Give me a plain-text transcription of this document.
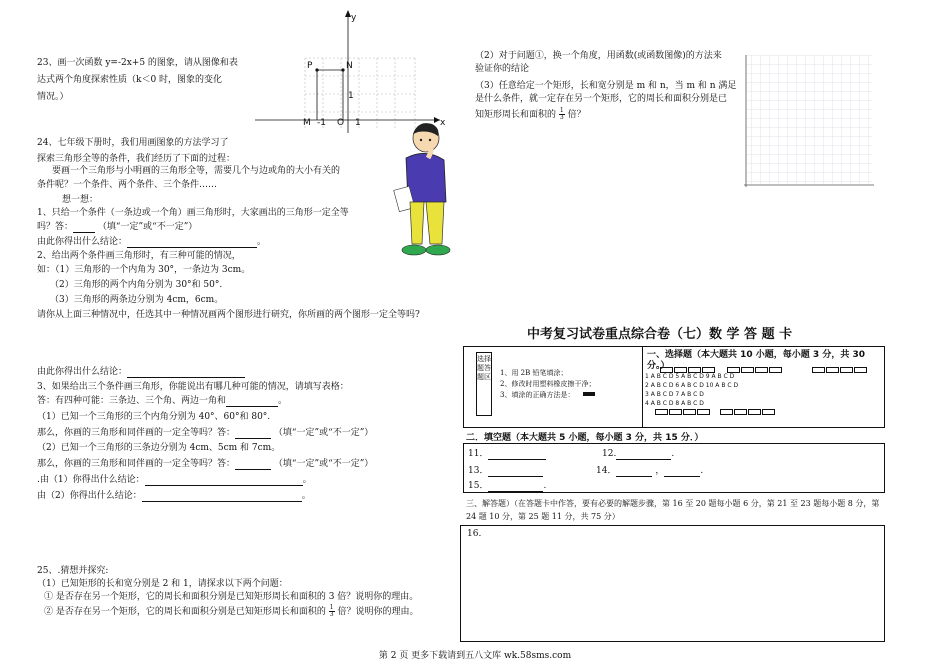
23、画一次函数 y=-2x+5 的图象，请从图像和表
达式两个角度探索性质（k＜0 时，图象的变化
情况。）
y
x
P	N
M -1 O 1
1
24、七年级下册时，我们用画图象的方法学习了
探索三角形全等的条件，我们经历了下面的过程：
要画一个三角形与小明画的三角形全等，需要几个与边或角的大小有关的
条件呢？一个条件、两个条件、三个条件……
想一想：
1、只给一个条件（一条边或一个角）画三角形时，大家画出的三角形一定全等
吗？答：	（填“一定”或“不一定”）
由此你得出什么结论：	。
2、给出两个条件画三角形时，有三种可能的情况，
如：（1）三角形的一个内角为 30°，一条边为 3cm。
（2）三角形的两个内角分别为 30°和 50°.
（3）三角形的两条边分别为 4cm，6cm。
请你从上面三种情况中，任选其中一种情况画两个图形进行研究，你所画的两个图形一定全等吗?
由此你得出什么结论：
3、如果给出三个条件画三角形，你能说出有哪几种可能的情况，请填写表格：
答：有四种可能：三条边、三个角、两边一角和	。
（1）已知一个三角形的三个内角分别为 40°、60°和 80°.
那么，你画的三角形和同伴画的一定全等吗？答：	（填“一定”或“不一定”）
（2）已知一个三角形的三条边分别为 4cm、5cm 和 7cm。
那么，你画的三角形和同伴画的一定全等吗？答：	（填“一定”或“不一定”）
.由（1）你得出什么结论：	。
由（2）你得出什么结论：	。
25、.猜想并探究:
（1）已知矩形的长和宽分别是 2 和 1，请探求以下两个问题：
① 是否存在另一个矩形，它的周长和面积分别是已知矩形周长和面积的 3 倍？说明你的理由。
② 是否存在另一个矩形，它的周长和面积分别是已知矩形周长和面积的 $\frac{1}{3}$ 倍？说明你的理由。
（2）对于问题①，换一个角度，用函数(或函数图像)的方法来
验证你的结论
（3）任意给定一个矩形，长和宽分别是 m 和 n，当 m 和 n 满足
是什么条件，就一定存在另一个矩形，它的周长和面积分别是已
知矩形周长和面积的 $\frac{1}{3}$ 倍？
中考复习试卷重点综合卷（七）数 学 答 题 卡
选择题答题区 1、用 2B 铅笔填涂；
2、修改时用塑料橡皮擦干净；
3、填涂的正确方法是：
一、选择题（本大题共 10 小题，每小题 3 分，共 30
分。）
1 A B C D 5 A B C D 9 A B C D
2 A B C D 6 A B C D 10 A B C D
3 A B C D 7 A B C D
4 A B C D 8 A B C D
二．填空题（本大题共 5 小题，每小题 3 分，共 15 分．）
11．	12.	.
13．	14．	，	.
15．	.
三、解答题）（在答题卡中作答，要有必要的解题步骤，第 16 至 20 题每小题 6 分，第 21 至 23 题每小题 8 分，第
24 题 10 分，第 25 题 11 分，共 75 分）
16.
第 2 页 更多下载请到五八文库 wk.58sms.com
